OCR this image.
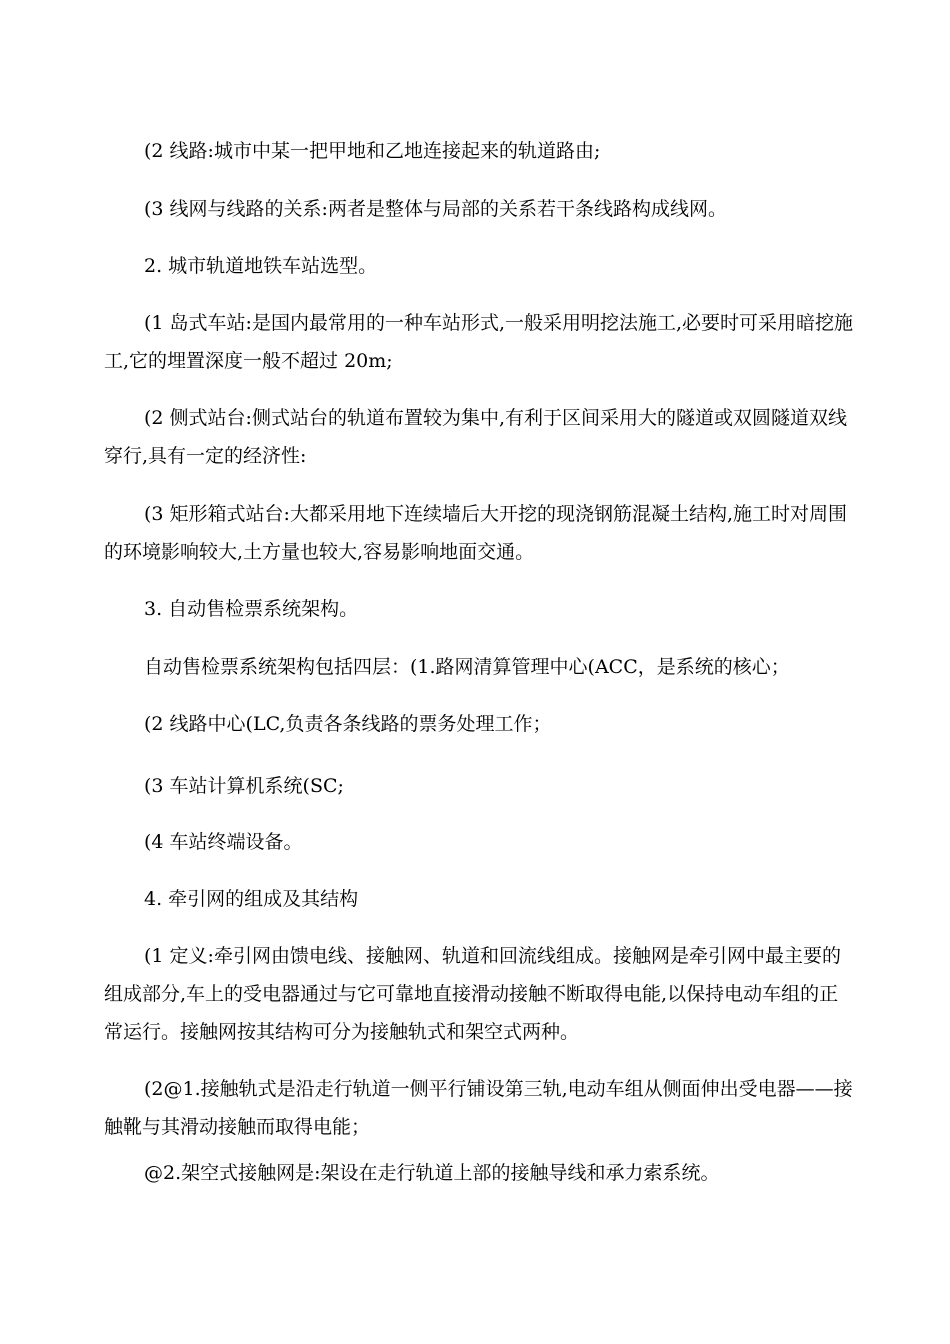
(2 线路:城市中某一把甲地和乙地连接起来的轨道路由;

(3 线网与线路的关系:两者是整体与局部的关系若干条线路构成线网。

2. 城市轨道地铁车站选型。

(1 岛式车站:是国内最常用的一种车站形式,一般采用明挖法施工,必要时可采用暗挖施工,它的埋置深度一般不超过 20m;

(2 侧式站台:侧式站台的轨道布置较为集中,有利于区间采用大的隧道或双圆隧道双线穿行,具有一定的经济性:

(3 矩形箱式站台:大都采用地下连续墙后大开挖的现浇钢筋混凝土结构,施工时对周围的环境影响较大,土方量也较大,容易影响地面交通。

3. 自动售检票系统架构。

自动售检票系统架构包括四层：(1.路网清算管理中心(ACC，是系统的核心；

(2 线路中心(LC,负责各条线路的票务处理工作；

(3 车站计算机系统(SC;

(4 车站终端设备。

4. 牵引网的组成及其结构

(1 定义:牵引网由馈电线、接触网、轨道和回流线组成。接触网是牵引网中最主要的组成部分,车上的受电器通过与它可靠地直接滑动接触不断取得电能,以保持电动车组的正常运行。接触网按其结构可分为接触轨式和架空式两种。

(2@1.接触轨式是沿走行轨道一侧平行铺设第三轨,电动车组从侧面伸出受电器——接触靴与其滑动接触而取得电能；

@2.架空式接触网是:架设在走行轨道上部的接触导线和承力索系统。
